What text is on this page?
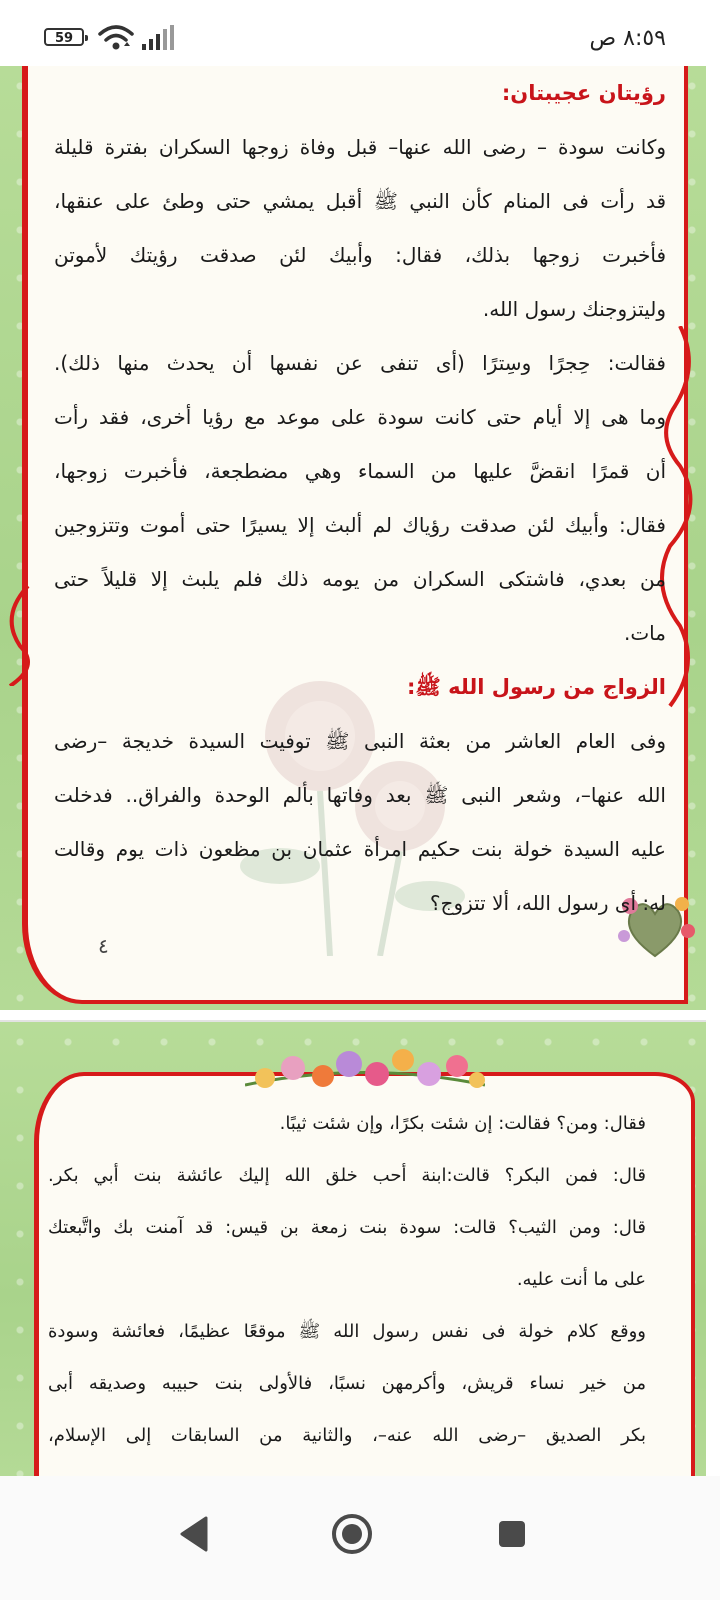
59	٨:٥٩ ص
رؤيتان عجيبتان:
وكانت سودة – رضى الله عنها– قبل وفاة زوجها السكران بفترة قليلة
قد رأت فى المنام كأن النبي ﷺ أقبل يمشي حتى وطئ على عنقها،
فأخبرت زوجها بذلك، فقال: وأبيك لئن صدقت رؤيتك لأموتن
وليتزوجنك رسول الله.
فقالت: حِجرًا وسِترًا (أى تنفى عن نفسها أن يحدث منها ذلك).
وما هى إلا أيام حتى كانت سودة على موعد مع رؤيا أخرى، فقد رأت
أن قمرًا انقضَّ عليها من السماء وهي مضطجعة، فأخبرت زوجها،
فقال: وأبيك لئن صدقت رؤياك لم ألبث إلا يسيرًا حتى أموت وتتزوجين
من بعدي، فاشتكى السكران من يومه ذلك فلم يلبث إلا قليلاً حتى
مات.
الزواج من رسول الله ﷺ:
وفى العام العاشر من بعثة النبى ﷺ توفيت السيدة خديجة –رضى
الله عنها–، وشعر النبى ﷺ بعد وفاتها بألم الوحدة والفراق.. فدخلت
عليه السيدة خولة بنت حكيم امرأة عثمان بن مظعون ذات يوم وقالت
له: أى رسول الله، ألا تتزوج؟
٤
فقال: ومن؟ فقالت: إن شئت بكرًا، وإن شئت ثيبًا.
قال: فمن البكر؟ قالت:ابنة أحب خلق الله إليك عائشة بنت أبي بكر.
قال: ومن الثيب؟ قالت: سودة بنت زمعة بن قيس: قد آمنت بك واتَّبعتك
على ما أنت عليه.
ووقع كلام خولة فى نفس رسول الله ﷺ موقعًا عظيمًا، فعائشة وسودة
من خير نساء قريش، وأكرمهن نسبًا، فالأولى بنت حبيبه وصديقه أبى
بكر الصديق –رضى الله عنه–، والثانية من السابقات إلى الإسلام،
